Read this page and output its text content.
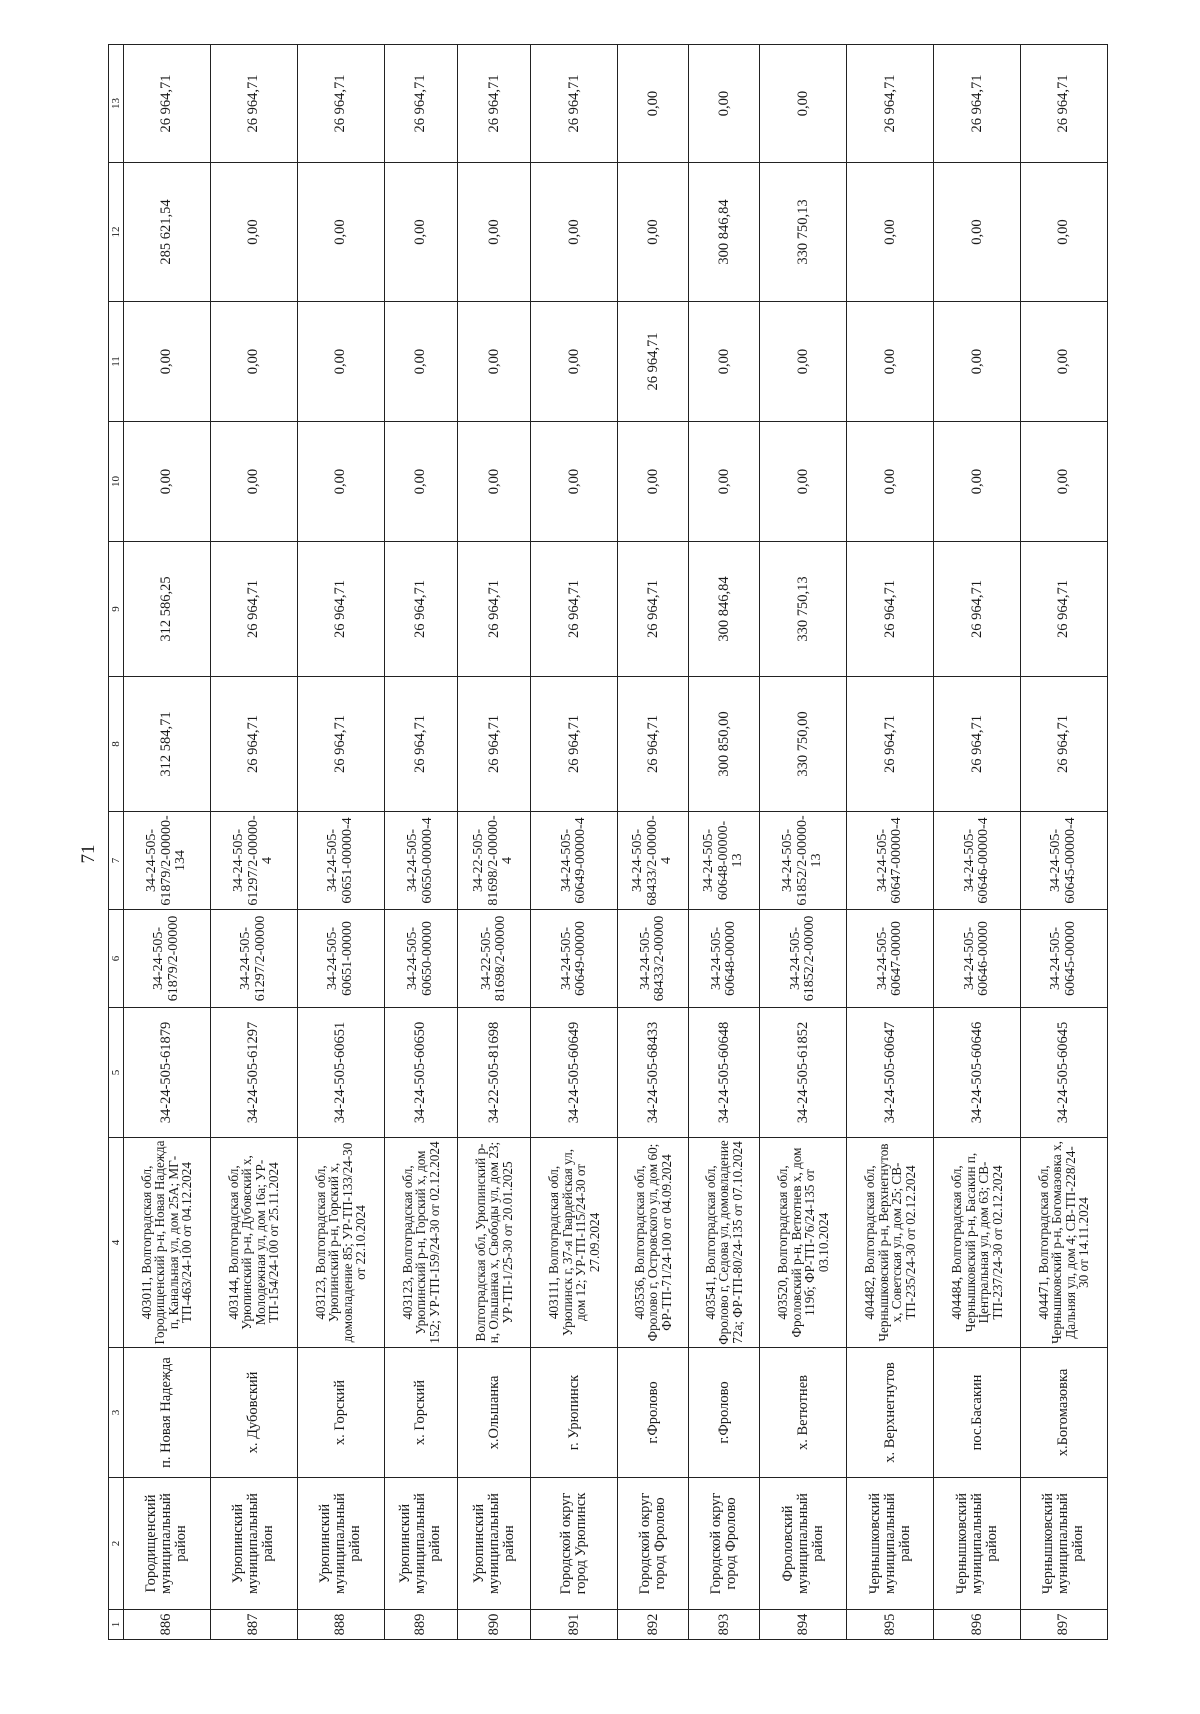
71
1	2	3	4	5	6	7	8	9	10	11	12	13
886	Городищенский муниципальный район	п. Новая Надежда	403011, Волгоградская обл, Городищенский р-н, Новая Надежда п, Канальная ул, дом 25А; МГ-ТП-463/24-100 от 04.12.2024	34-24-505-61879	34-24-505-61879/2-00000	34-24-505-61879/2-00000-134	312 584,71	312 586,25	0,00	0,00	285 621,54	26 964,71
887	Урюпинский муниципальный район	х. Дубовский	403144, Волгоградская обл, Урюпинский р-н, Дубовский х, Молодежная ул, дом 16а; УР-ТП-154/24-100 от 25.11.2024	34-24-505-61297	34-24-505-61297/2-00000	34-24-505-61297/2-00000-4	26 964,71	26 964,71	0,00	0,00	0,00	26 964,71
888	Урюпинский муниципальный район	х. Горский	403123, Волгоградская обл, Урюпинский р-н, Горский х, домовладение 85; УР-ТП-133/24-30 от 22.10.2024	34-24-505-60651	34-24-505-60651-00000	34-24-505-60651-00000-4	26 964,71	26 964,71	0,00	0,00	0,00	26 964,71
889	Урюпинский муниципальный район	х. Горский	403123, Волгоградская обл, Урюпинский р-н, Горский х, дом 152; УР-ТП-159/24-30 от 02.12.2024	34-24-505-60650	34-24-505-60650-00000	34-24-505-60650-00000-4	26 964,71	26 964,71	0,00	0,00	0,00	26 964,71
890	Урюпинский муниципальный район	х.Ольшанка	Волгоградская обл, Урюпинский р-н, Ольшанка х, Свободы ул, дом 23; УР-ТП-1/25-30 от 20.01.2025	34-22-505-81698	34-22-505-81698/2-00000	34-22-505-81698/2-00000-4	26 964,71	26 964,71	0,00	0,00	0,00	26 964,71
891	Городской округ город Урюпинск	г. Урюпинск	403111, Волгоградская обл, Урюпинск г, 37-я Гвардейская ул, дом 12; УР-ТП-115/24-30 от 27.09.2024	34-24-505-60649	34-24-505-60649-00000	34-24-505-60649-00000-4	26 964,71	26 964,71	0,00	0,00	0,00	26 964,71
892	Городской округ город Фролово	г.Фролово	403536, Волгоградская обл, Фролово г, Островского ул, дом 60; ФР-ТП-71/24-100 от 04.09.2024	34-24-505-68433	34-24-505-68433/2-00000	34-24-505-68433/2-00000-4	26 964,71	26 964,71	0,00	26 964,71	0,00	0,00
893	Городской округ город Фролово	г.Фролово	403541, Волгоградская обл, Фролово г, Седова ул, домовладение 72а; ФР-ТП-80/24-135 от 07.10.2024	34-24-505-60648	34-24-505-60648-00000	34-24-505-60648-00000-13	300 850,00	300 846,84	0,00	0,00	300 846,84	0,00
894	Фроловский муниципальный район	х. Ветютнев	403520, Волгоградская обл, Фроловский р-н, Ветютнев х, дом 119б; ФР-ТП-76/24-135 от 03.10.2024	34-24-505-61852	34-24-505-61852/2-00000	34-24-505-61852/2-00000-13	330 750,00	330 750,13	0,00	0,00	330 750,13	0,00
895	Чернышковский муниципальный район	х. Верхнегнутов	404482, Волгоградская обл, Чернышковский р-н, Верхнегнутов х, Советская ул, дом 25; СВ-ТП-235/24-30 от 02.12.2024	34-24-505-60647	34-24-505-60647-00000	34-24-505-60647-00000-4	26 964,71	26 964,71	0,00	0,00	0,00	26 964,71
896	Чернышковский муниципальный район	пос.Басакин	404484, Волгоградская обл, Чернышковский р-н, Басакин п, Центральная ул, дом 63; СВ-ТП-237/24-30 от 02.12.2024	34-24-505-60646	34-24-505-60646-00000	34-24-505-60646-00000-4	26 964,71	26 964,71	0,00	0,00	0,00	26 964,71
897	Чернышковский муниципальный район	х.Богомазовка	404471, Волгоградская обл, Чернышковский р-н, Богомазовка х, Дальняя ул, дом 4; СВ-ТП-228/24-30 от 14.11.2024	34-24-505-60645	34-24-505-60645-00000	34-24-505-60645-00000-4	26 964,71	26 964,71	0,00	0,00	0,00	26 964,71
